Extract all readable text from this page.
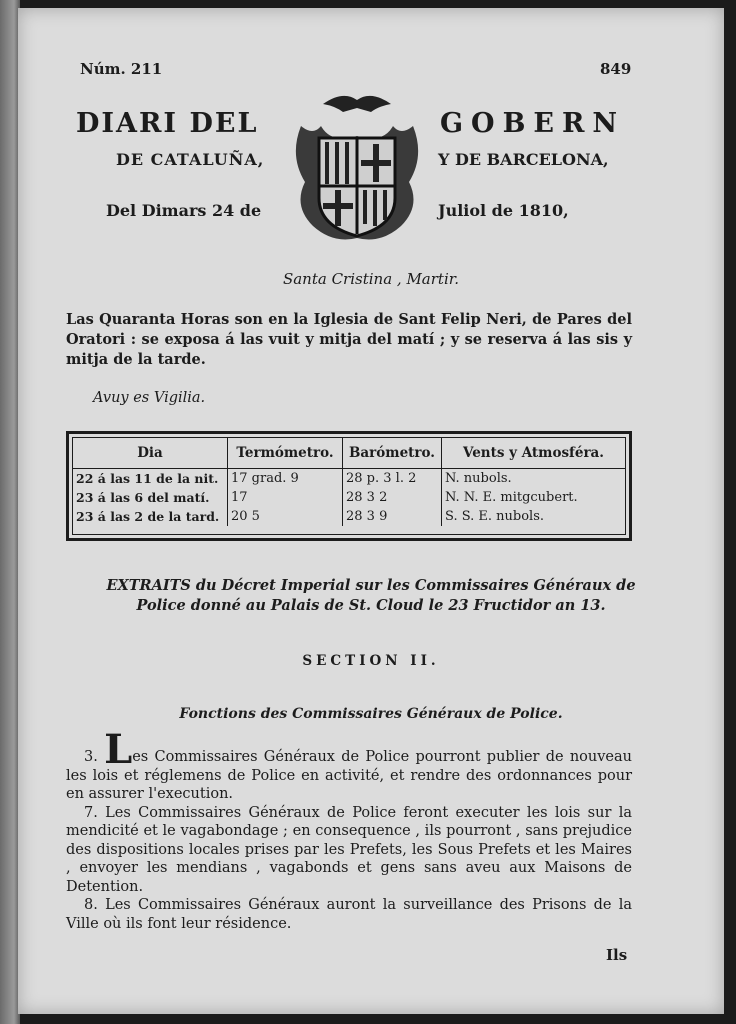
Núm. 211	849
DIARI DEL	GOBERN
DE CATALUÑA,	Y DE BARCELONA,
Del Dimars 24 de	Juliol de 1810,
Santa Cristina , Martir.

Las Quaranta Horas son en la Iglesia de Sant Felip Neri, de Pares del Oratori : se exposa á las vuit y mitja del matí ; y se reserva á las sis y mitja de la tarde.

Avuy es Vigilia.
Dia	Termómetro.	Barómetro.	Vents y Atmosféra.
22 á las 11 de la nit.	17 grad. 9	28 p. 3 l. 2	N. nubols.
23 á las 6 del matí.	17	28 3 2	N. N. E. mitgcubert.
23 á las 2 de la tard.	20 5	28 3 9	S. S. E. nubols.
EXTRAITS du Décret Imperial sur les Commissaires Généraux de Police donné au Palais de St. Cloud le 23 Fructidor an 13.
SECTION II.
Fonctions des Commissaires Généraux de Police.

3. Les Commissaires Généraux de Police pourront publier de nouveau les lois et réglemens de Police en activité, et rendre des ordonnances pour en assurer l'execution.

7. Les Commissaires Généraux de Police feront executer les lois sur la mendicité et le vagabondage ; en consequence , ils pourront , sans prejudice des dispositions locales prises par les Prefets, les Sous Prefets et les Maires , envoyer les mendians , vagabonds et gens sans aveu aux Maisons de Detention.

8. Les Commissaires Généraux auront la surveillance des Prisons de la Ville où ils font leur résidence.

Ils
